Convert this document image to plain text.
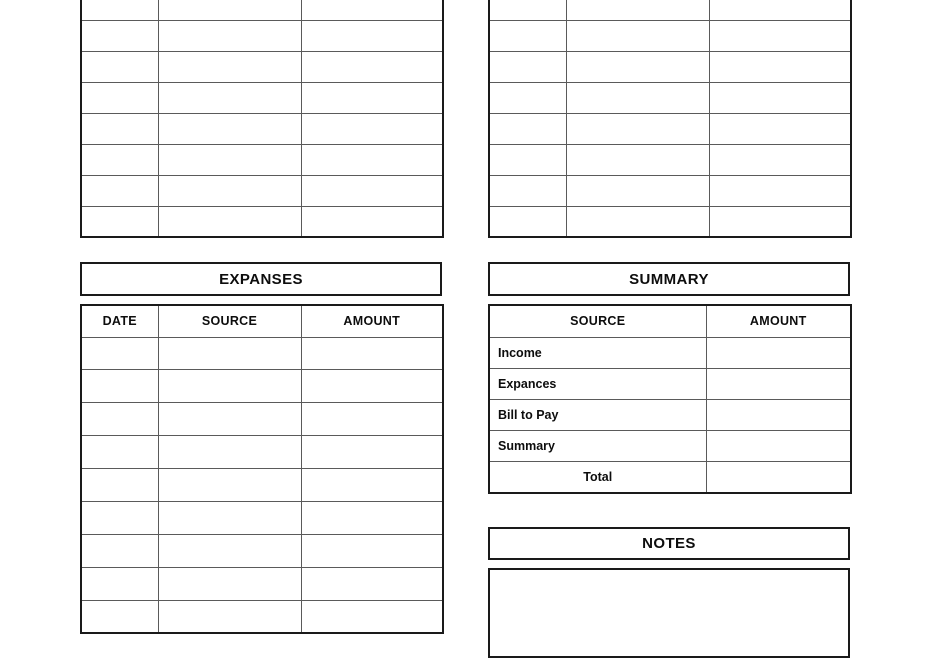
EXPANSES
DATE	SOURCE	AMOUNT

SUMMARY
SOURCE	AMOUNT
Income	
Expances	
Bill to Pay	
Summary	
Total	
NOTES
